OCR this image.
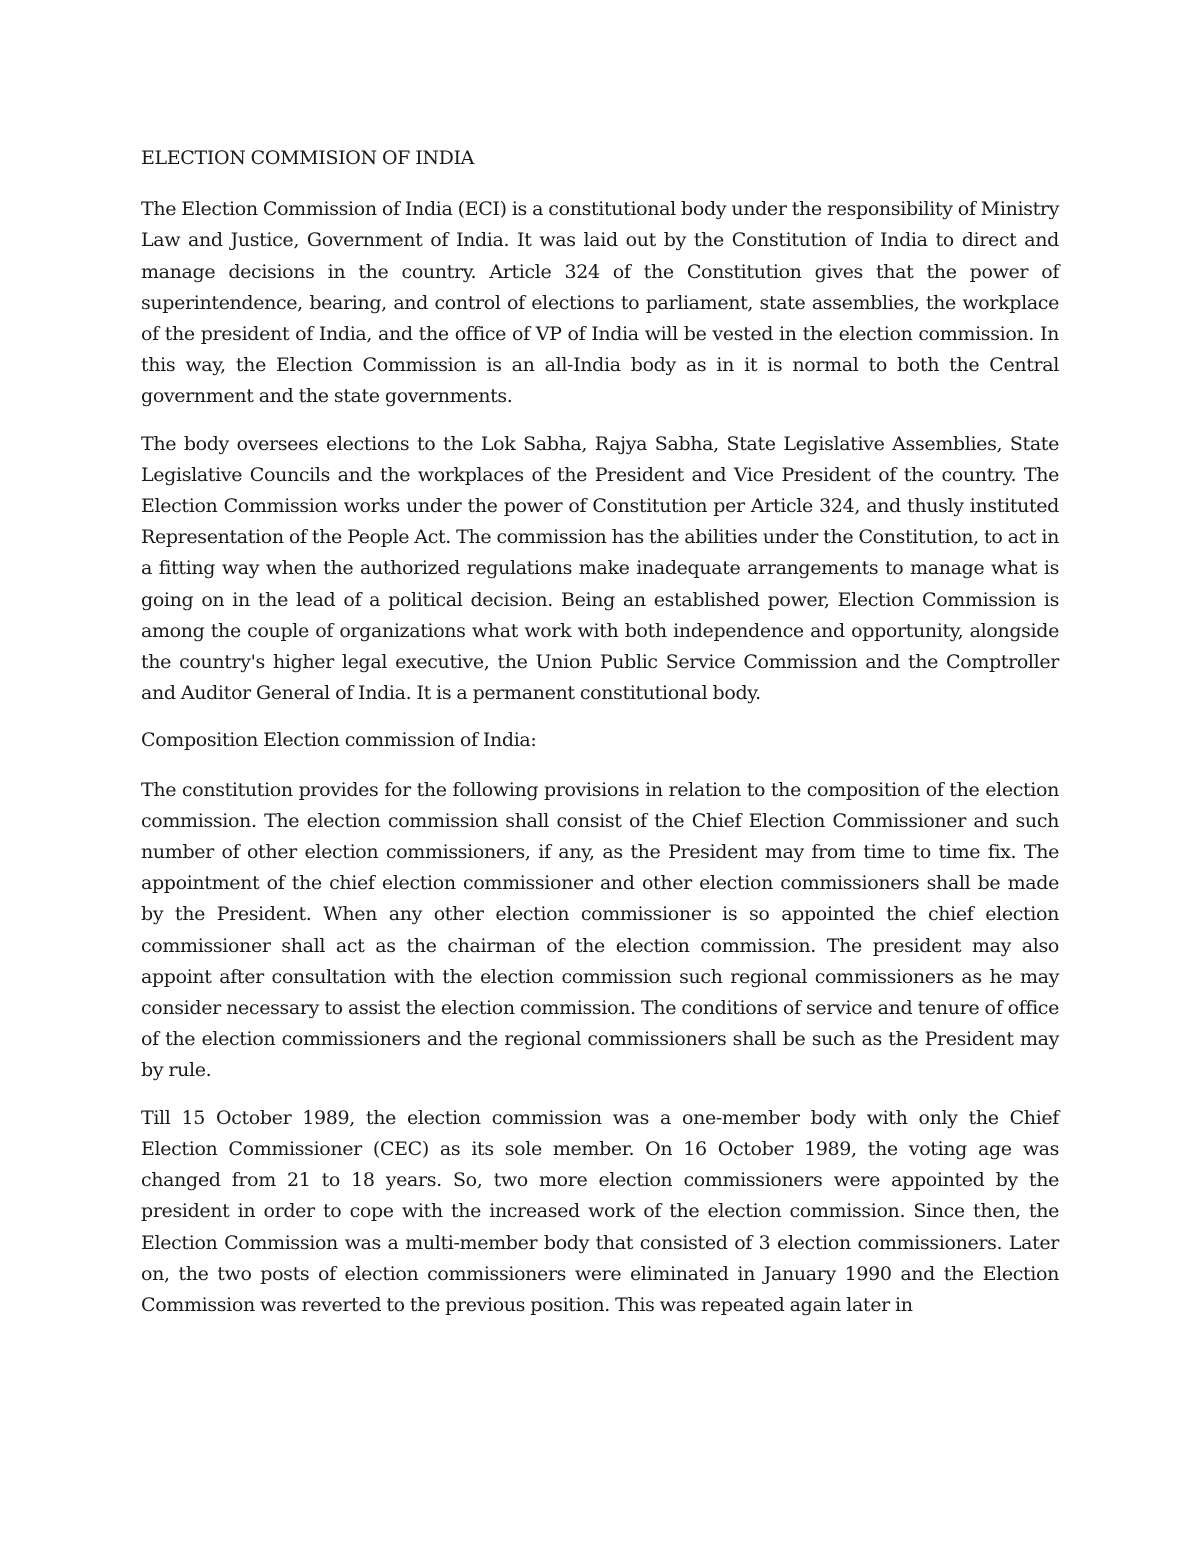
ELECTION COMMISION OF INDIA

The Election Commission of India (ECI) is a constitutional body under the responsibility of Ministry Law and Justice, Government of India. It was laid out by the Constitution of India to direct and manage decisions in the country. Article 324 of the Constitution gives that the power of superintendence, bearing, and control of elections to parliament, state assemblies, the workplace of the president of India, and the office of VP of India will be vested in the election commission. In this way, the Election Commission is an all-India body as in it is normal to both the Central government and the state governments.

The body oversees elections to the Lok Sabha, Rajya Sabha, State Legislative Assemblies, State Legislative Councils and the workplaces of the President and Vice President of the country. The Election Commission works under the power of Constitution per Article 324, and thusly instituted Representation of the People Act. The commission has the abilities under the Constitution, to act in a fitting way when the authorized regulations make inadequate arrangements to manage what is going on in the lead of a political decision. Being an established power, Election Commission is among the couple of organizations what work with both independence and opportunity, alongside the country's higher legal executive, the Union Public Service Commission and the Comptroller and Auditor General of India. It is a permanent constitutional body.

Composition Election commission of India:

The constitution provides for the following provisions in relation to the composition of the election commission. The election commission shall consist of the Chief Election Commissioner and such number of other election commissioners, if any, as the President may from time to time fix. The appointment of the chief election commissioner and other election commissioners shall be made by the President. When any other election commissioner is so appointed the chief election commissioner shall act as the chairman of the election commission. The president may also appoint after consultation with the election commission such regional commissioners as he may consider necessary to assist the election commission. The conditions of service and tenure of office of the election commissioners and the regional commissioners shall be such as the President may by rule.

Till 15 October 1989, the election commission was a one-member body with only the Chief Election Commissioner (CEC) as its sole member. On 16 October 1989, the voting age was changed from 21 to 18 years. So, two more election commissioners were appointed by the president in order to cope with the increased work of the election commission. Since then, the Election Commission was a multi-member body that consisted of 3 election commissioners. Later on, the two posts of election commissioners were eliminated in January 1990 and the Election Commission was reverted to the previous position. This was repeated again later in
